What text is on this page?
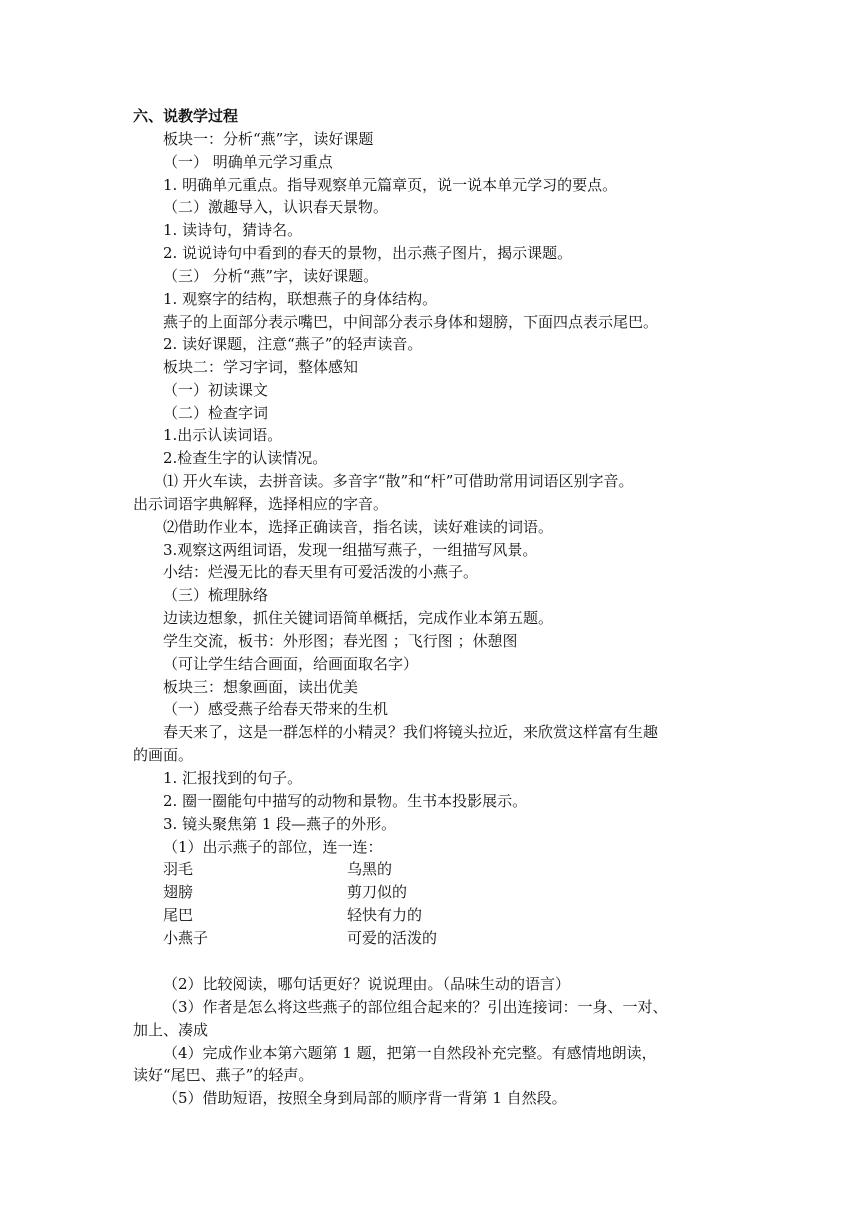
六、说教学过程
板块一：分析“燕”字，读好课题
（一） 明确单元学习重点
1. 明确单元重点。指导观察单元篇章页，说一说本单元学习的要点。
（二）激趣导入，认识春天景物。
1. 读诗句，猜诗名。
2. 说说诗句中看到的春天的景物，出示燕子图片，揭示课题。
（三） 分析“燕”字，读好课题。
1. 观察字的结构，联想燕子的身体结构。
燕子的上面部分表示嘴巴，中间部分表示身体和翅膀，下面四点表示尾巴。
2. 读好课题，注意“燕子”的轻声读音。
板块二：学习字词，整体感知
（一）初读课文
（二）检查字词
1.出示认读词语。
2.检查生字的认读情况。
⑴ 开火车读，去拼音读。多音字“散”和“杆”可借助常用词语区别字音。
出示词语字典解释，选择相应的字音。
⑵借助作业本，选择正确读音，指名读，读好难读的词语。
3.观察这两组词语，发现一组描写燕子，一组描写风景。
小结：烂漫无比的春天里有可爱活泼的小燕子。
（三）梳理脉络
边读边想象，抓住关键词语简单概括，完成作业本第五题。
学生交流，板书：外形图；春光图 ；飞行图 ；休憩图
（可让学生结合画面，给画面取名字）
板块三：想象画面，读出优美
（一）感受燕子给春天带来的生机
春天来了，这是一群怎样的小精灵？我们将镜头拉近，来欣赏这样富有生趣
的画面。
1. 汇报找到的句子。
2. 圈一圈能句中描写的动物和景物。生书本投影展示。
3. 镜头聚焦第 1 段—燕子的外形。
（1）出示燕子的部位，连一连：
羽毛	乌黑的
翅膀	剪刀似的
尾巴	轻快有力的
小燕子	可爱的活泼的
（2）比较阅读，哪句话更好？说说理由。（品味生动的语言）
（3）作者是怎么将这些燕子的部位组合起来的？引出连接词：一身、一对、
加上、凑成
（4）完成作业本第六题第 1 题，把第一自然段补充完整。有感情地朗读，
读好“尾巴、燕子”的轻声。
（5）借助短语，按照全身到局部的顺序背一背第 1 自然段。
